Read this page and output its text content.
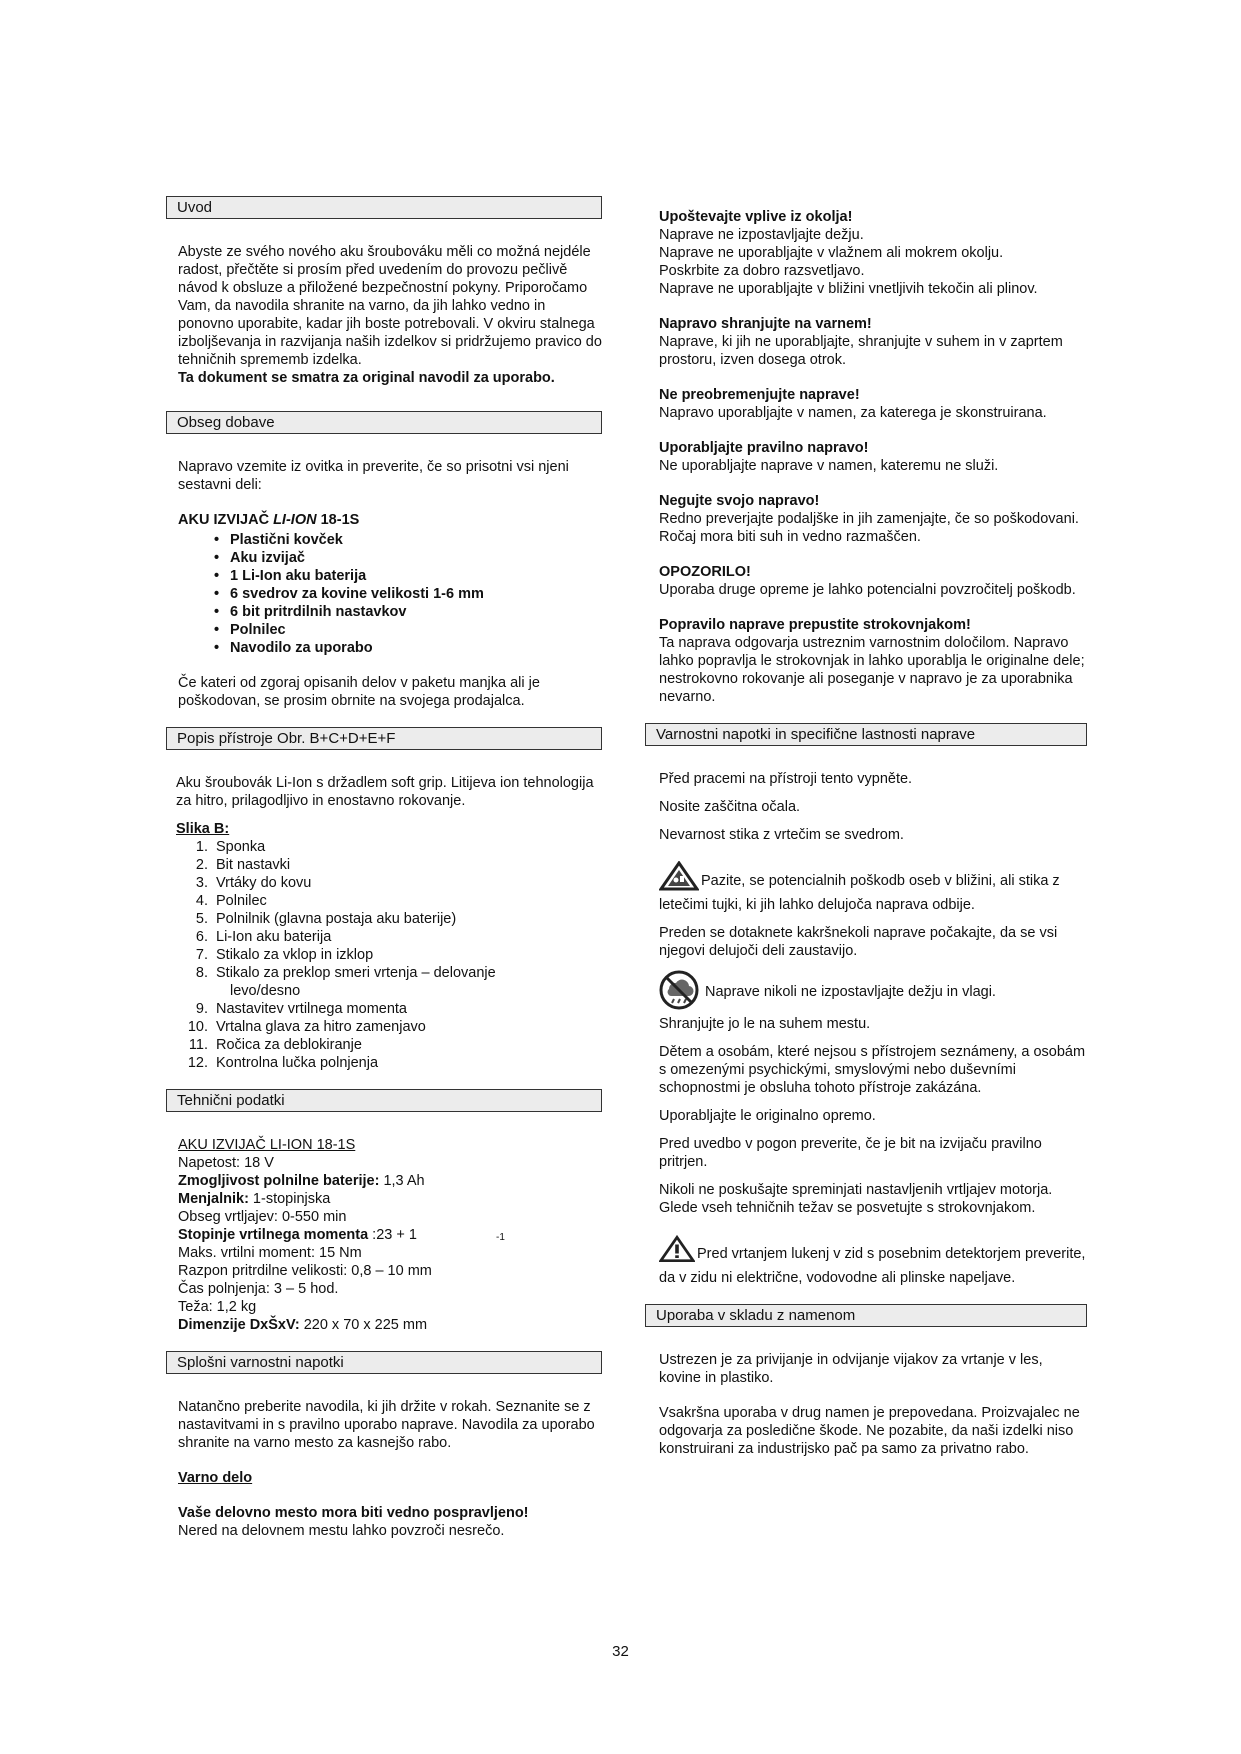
Uvod

Abyste ze svého nového aku šroubováku měli co možná nejdéle radost, přečtěte si prosím před uvedením do provozu pečlivě návod k obsluze a přiložené bezpečnostní pokyny. Priporočamo Vam, da navodila shranite na varno, da jih lahko vedno in ponovno uporabite, kadar jih boste potrebovali. V okviru stalnega izboljševanja in razvijanja naših izdelkov si pridržujemo pravico do tehničnih sprememb izdelka.

Ta dokument se smatra za original navodil za uporabo.

Obseg dobave

Napravo vzemite iz ovitka in preverite, če so prisotni vsi njeni sestavni deli:

AKU IZVIJAČ LI-ION 18-1S

• Plastični kovček
• Aku izvijač
• 1 Li-Ion aku baterija
• 6 svedrov za kovine velikosti 1-6 mm
• 6 bit pritrdilnih nastavkov
• Polnilec
• Navodilo za uporabo

Če kateri od zgoraj opisanih delov v paketu manjka ali je poškodovan, se prosim obrnite na svojega prodajalca.

Popis přístroje Obr. B+C+D+E+F

Aku šroubovák Li-Ion s držadlem soft grip. Litijeva ion tehnologija za hitro, prilagodljivo in enostavno rokovanje.

Slika B:

1. Sponka
2. Bit nastavki
3. Vrtáky do kovu
4. Polnilec
5. Polnilnik (glavna postaja aku baterije)
6. Li-Ion aku baterija
7. Stikalo za vklop in izklop
8. Stikalo za preklop smeri vrtenja – delovanje
levo/desno
9. Nastavitev vrtilnega momenta
10. Vrtalna glava za hitro zamenjavo
11. Ročica za deblokiranje
12. Kontrolna lučka polnjenja
Tehnični podatki

AKU IZVIJAČ LI-ION 18-1S

Napetost: 18 V

Zmogljivost polnilne baterije: 1,3 Ah

Menjalnik: 1-stopinjska

Obseg vrtljajev: 0-550 min

Stopinje vrtilnega momenta :23 + 1

Maks. vrtilni moment: 15 Nm

Razpon pritrdilne velikosti: 0,8 – 10 mm

Čas polnjenja: 3 – 5 hod.

Teža: 1,2 kg

Dimenzije DxŠxV: 220 x 70 x 225 mm

Splošni varnostni napotki

Natančno preberite navodila, ki jih držite v rokah. Seznanite se z nastavitvami in s pravilno uporabo naprave. Navodila za uporabo shranite na varno mesto za kasnejšo rabo.

Varno delo

Vaše delovno mesto mora biti vedno pospravljeno!

Nered na delovnem mestu lahko povzroči nesrečo.

-1

Upoštevajte vplive iz okolja!

Naprave ne izpostavljajte dežju.
Naprave ne uporabljajte v vlažnem ali mokrem okolju.
Poskrbite za dobro razsvetljavo.
Naprave ne uporabljajte v bližini vnetljivih tekočin ali plinov.

Napravo shranjujte na varnem!

Naprave, ki jih ne uporabljajte, shranjujte v suhem in v zaprtem prostoru, izven dosega otrok.

Ne preobremenjujte naprave!

Napravo uporabljajte v namen, za katerega je skonstruirana.

Uporabljajte pravilno napravo!

Ne uporabljajte naprave v namen, kateremu ne služi.

Negujte svojo napravo!

Redno preverjajte podaljške in jih zamenjajte, če so poškodovani. Ročaj mora biti suh in vedno razmaščen.

OPOZORILO!

Uporaba druge opreme je lahko potencialni povzročitelj poškodb.

Popravilo naprave prepustite strokovnjakom!

Ta naprava odgovarja ustreznim varnostnim določilom. Napravo lahko popravlja le strokovnjak in lahko uporablja le originalne dele; nestrokovno rokovanje ali poseganje v napravo je za uporabnika nevarno.

Varnostni napotki in specifične lastnosti naprave

Před pracemi na přístroji tento vypněte.

Nosite zaščitna očala.

Nevarnost stika z vrtečim se svedrom.

Pazite, se potencialnih poškodb oseb v bližini, ali stika z letečimi tujki, ki jih lahko delujoča naprava odbije.

Preden se dotaknete kakršnekoli naprave počakajte, da se vsi njegovi delujoči deli zaustavijo.

Naprave nikoli ne izpostavljajte dežju in vlagi.

Shranjujte jo le na suhem mestu.

Dětem a osobám, které nejsou s přístrojem seznámeny, a osobám s omezenými psychickými, smyslovými nebo duševními schopnostmi je obsluha tohoto přístroje zakázána.

Uporabljajte le originalno opremo.

Pred uvedbo v pogon preverite, če je bit na izvijaču pravilno pritrjen.

Nikoli ne poskušajte spreminjati nastavljenih vrtljajev motorja. Glede vseh tehničnih težav se posvetujte s strokovnjakom.

Pred vrtanjem lukenj v zid s posebnim detektorjem preverite, da v zidu ni električne, vodovodne ali plinske napeljave.

Uporaba v skladu z namenom

Ustrezen je za privijanje in odvijanje vijakov za vrtanje v les, kovine in plastiko.

Vsakršna uporaba v drug namen je prepovedana. Proizvajalec ne odgovarja za posledične škode. Ne pozabite, da naši izdelki niso konstruirani za industrijsko pač pa samo za privatno rabo.

32
